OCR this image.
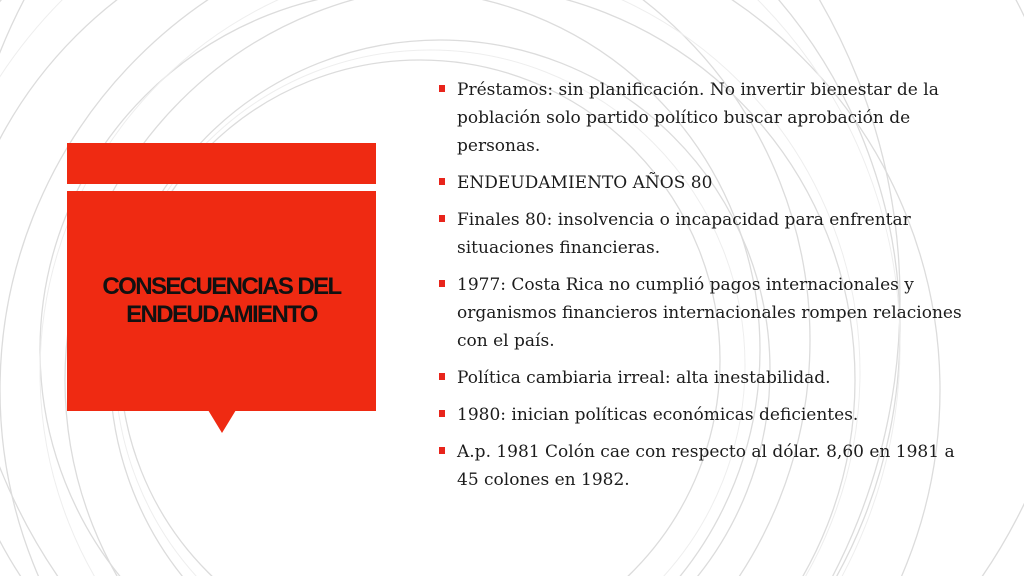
CONSECUENCIAS DEL
ENDEUDAMIENTO
Préstamos: sin planificación. No invertir bienestar de la población solo partido político buscar aprobación de personas.
ENDEUDAMIENTO AÑOS 80
Finales 80: insolvencia o incapacidad para enfrentar situaciones financieras.
1977: Costa Rica no cumplió pagos internacionales y organismos financieros internacionales rompen relaciones con el país.
Política cambiaria irreal: alta inestabilidad.
1980: inician políticas económicas deficientes.
A.p. 1981 Colón cae con respecto al dólar. 8,60 en 1981 a 45 colones en 1982.
